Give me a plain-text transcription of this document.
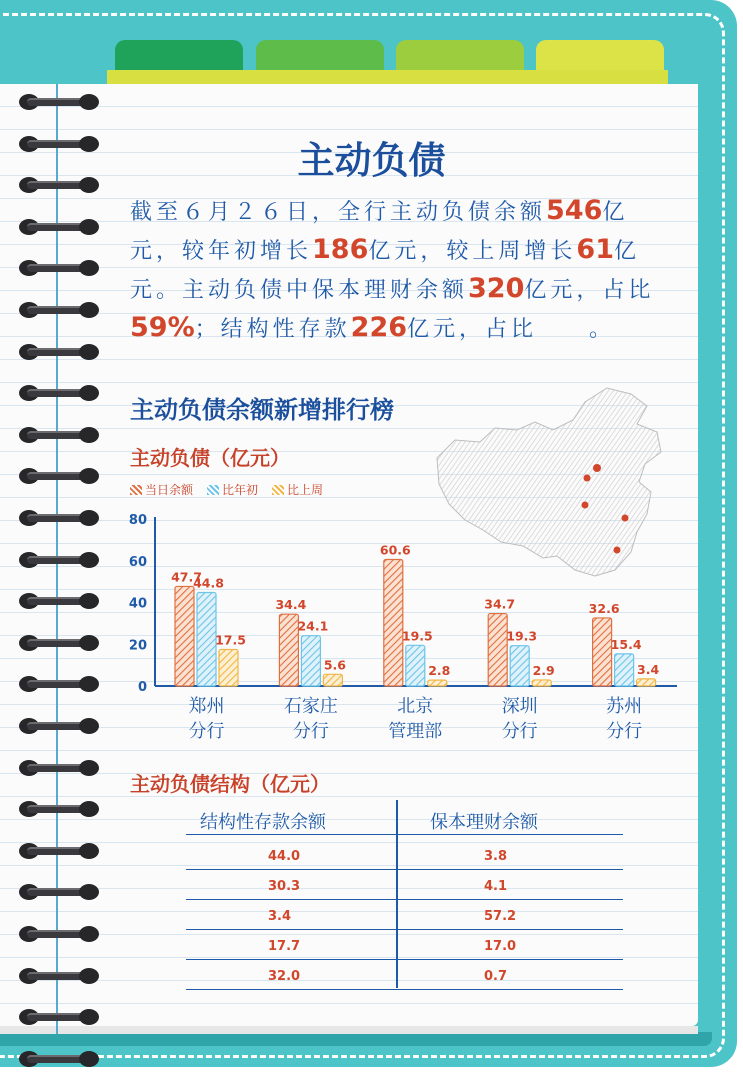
主动负债
截至６月２６日，全行主动负债余额546亿元，较年初增长186亿元，较上周增长61亿元。主动负债中保本理财余额320亿元，占比59%；结构性存款226亿元，占比　　。
主动负债余额新增排行榜
主动负债（亿元）
当日余额 比年初 比上周
0
20
40
60
80
47.7
44.8
17.5
34.4
24.1
5.6
60.6
19.5
2.8
34.7
19.3
2.9
32.6
15.4
3.4
郑州
分行
石家庄
分行
北京
管理部
深圳
分行
苏州
分行
主动负债结构（亿元）
结构性存款余额	保本理财余额
44.0	3.8
30.3	4.1
3.4	57.2
17.7	17.0
32.0	0.7
